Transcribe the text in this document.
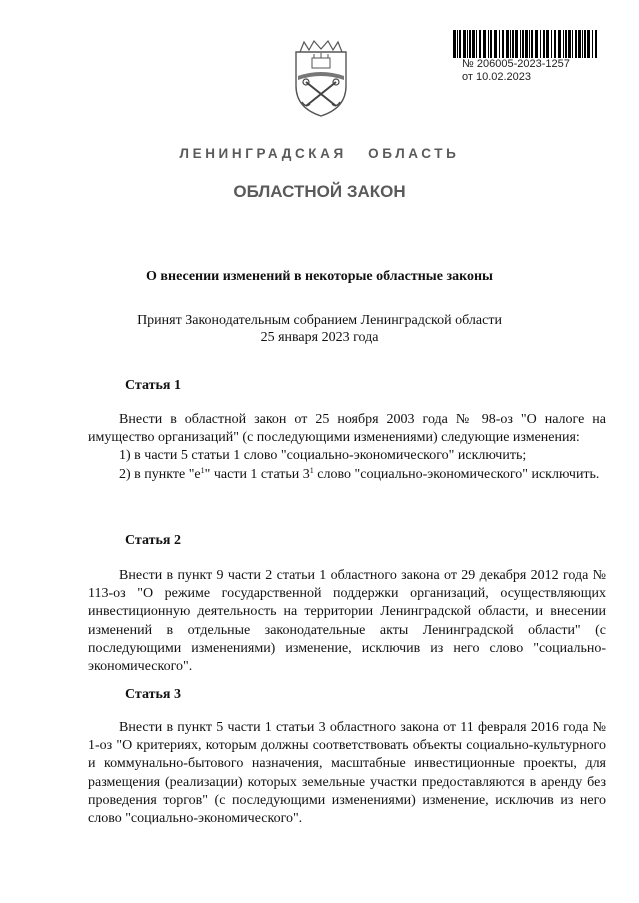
№ 206005-2023-1257
от 10.02.2023
ЛЕНИНГРАДСКАЯ ОБЛАСТЬ
ОБЛАСТНОЙ ЗАКОН
О внесении изменений в некоторые областные законы
Принят Законодательным собранием Ленинградской области
25 января 2023 года
Статья 1

Внести в областной закон от 25 ноября 2003 года № 98-оз "О налоге на имущество организаций" (с последующими изменениями) следующие изменения:

1) в части 5 статьи 1 слово "социально-экономического" исключить;

2) в пункте "$е^1$" части 1 статьи $3^1$ слово "социально-экономического" исключить.

Статья 2

Внести в пункт 9 части 2 статьи 1 областного закона от 29 декабря 2012 года № 113-оз "О режиме государственной поддержки организаций, осуществляющих инвестиционную деятельность на территории Ленинградской области, и внесении изменений в отдельные законодательные акты Ленинградской области" (с последующими изменениями) изменение, исключив из него слово "социально-экономического".

Статья 3

Внести в пункт 5 части 1 статьи 3 областного закона от 11 февраля 2016 года № 1-оз "О критериях, которым должны соответствовать объекты социально-культурного и коммунально-бытового назначения, масштабные инвестиционные проекты, для размещения (реализации) которых земельные участки предоставляются в аренду без проведения торгов" (с последующими изменениями) изменение, исключив из него слово "социально-экономического".
